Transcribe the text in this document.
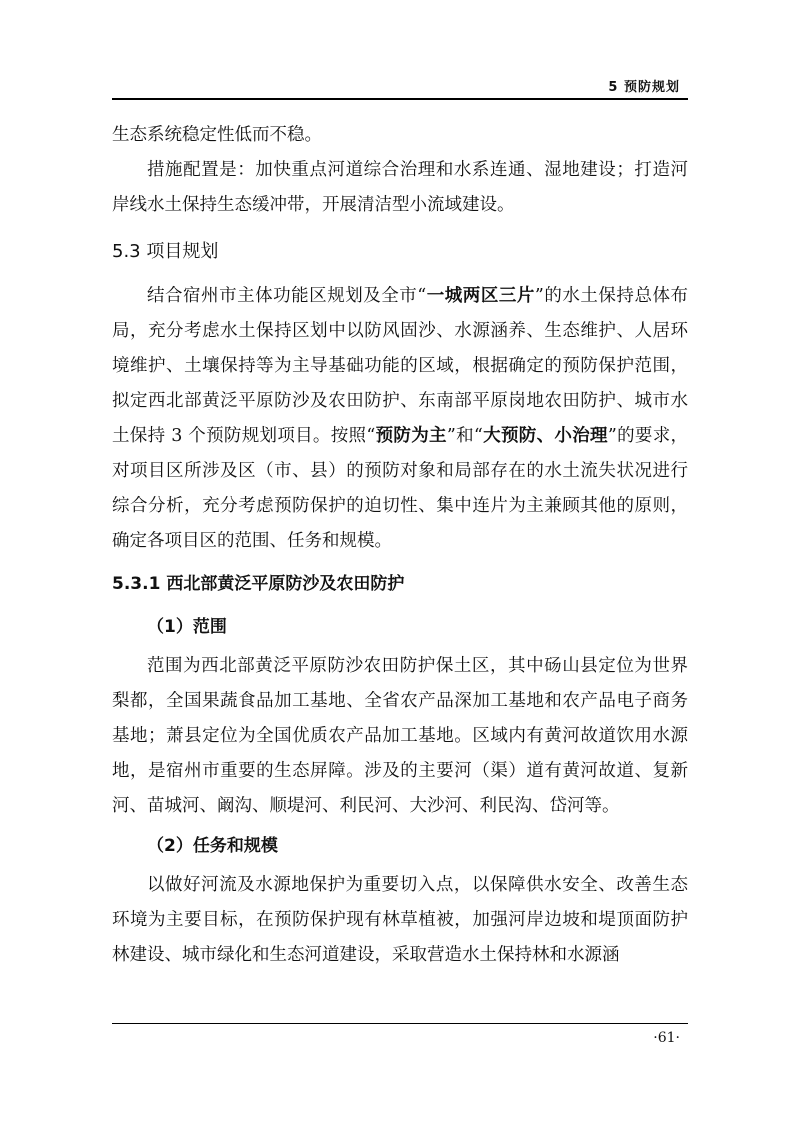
5 预防规划

生态系统稳定性低而不稳。

措施配置是：加快重点河道综合治理和水系连通、湿地建设；打造河岸线水土保持生态缓冲带，开展清洁型小流域建设。

5.3 项目规划

结合宿州市主体功能区规划及全市“一城两区三片”的水土保持总体布局，充分考虑水土保持区划中以防风固沙、水源涵养、生态维护、人居环境维护、土壤保持等为主导基础功能的区域，根据确定的预防保护范围，拟定西北部黄泛平原防沙及农田防护、东南部平原岗地农田防护、城市水土保持 3 个预防规划项目。按照“预防为主”和“大预防、小治理”的要求，对项目区所涉及区（市、县）的预防对象和局部存在的水土流失状况进行综合分析，充分考虑预防保护的迫切性、集中连片为主兼顾其他的原则，确定各项目区的范围、任务和规模。

5.3.1 西北部黄泛平原防沙及农田防护
（1）范围

范围为西北部黄泛平原防沙农田防护保土区，其中砀山县定位为世界梨都，全国果蔬食品加工基地、全省农产品深加工基地和农产品电子商务基地；萧县定位为全国优质农产品加工基地。区域内有黄河故道饮用水源地，是宿州市重要的生态屏障。涉及的主要河（渠）道有黄河故道、复新河、苗城河、阚沟、顺堤河、利民河、大沙河、利民沟、岱河等。

（2）任务和规模

以做好河流及水源地保护为重要切入点，以保障供水安全、改善生态环境为主要目标，在预防保护现有林草植被，加强河岸边坡和堤顶面防护林建设、城市绿化和生态河道建设，采取营造水土保持林和水源涵

·61·
